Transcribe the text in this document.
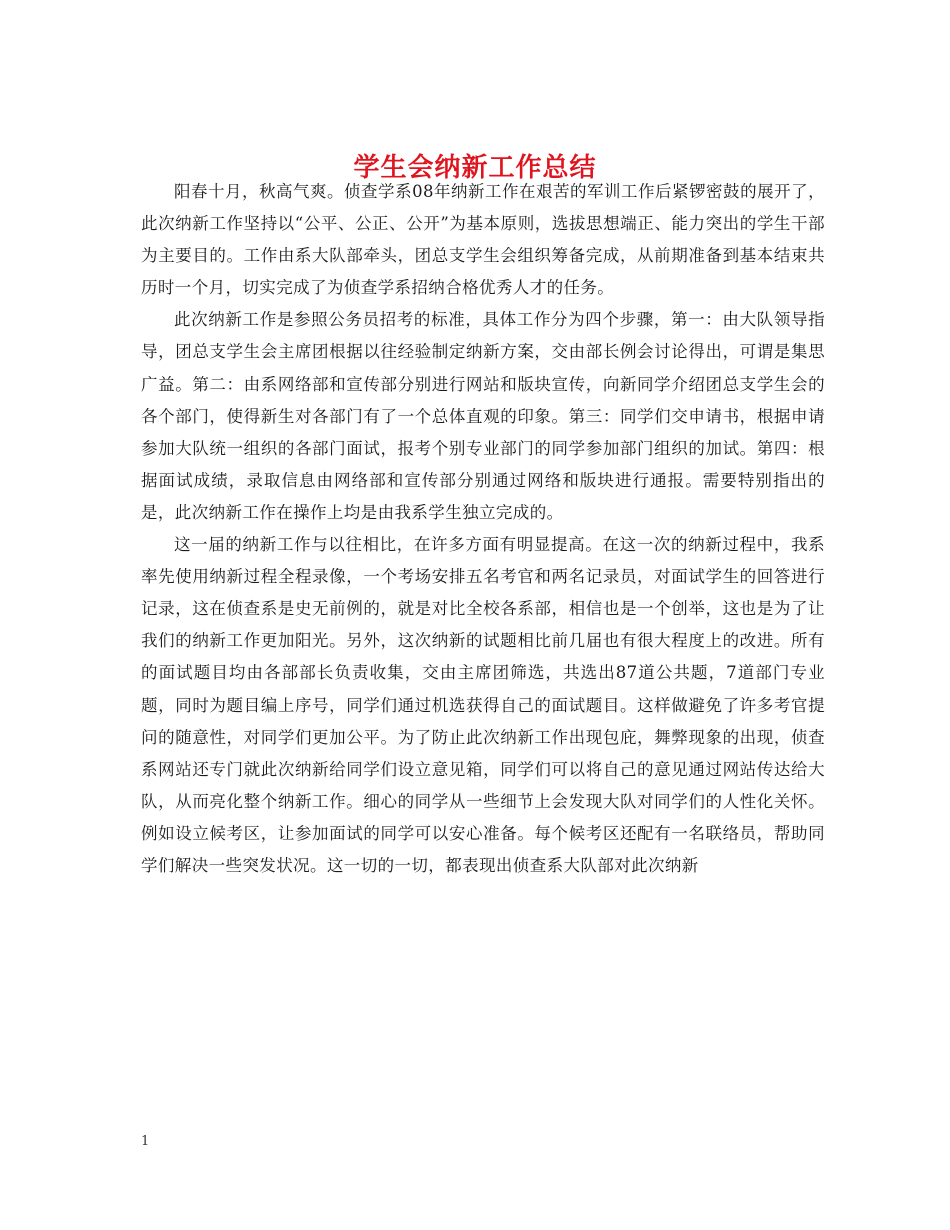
学生会纳新工作总结

阳春十月，秋高气爽。侦查学系08年纳新工作在艰苦的军训工作后紧锣密鼓的展开了，此次纳新工作坚持以“公平、公正、公开”为基本原则，选拔思想端正、能力突出的学生干部为主要目的。工作由系大队部牵头，团总支学生会组织筹备完成，从前期准备到基本结束共历时一个月，切实完成了为侦查学系招纳合格优秀人才的任务。

此次纳新工作是参照公务员招考的标准，具体工作分为四个步骤，第一：由大队领导指导，团总支学生会主席团根据以往经验制定纳新方案，交由部长例会讨论得出，可谓是集思广益。第二：由系网络部和宣传部分别进行网站和版块宣传，向新同学介绍团总支学生会的各个部门，使得新生对各部门有了一个总体直观的印象。第三：同学们交申请书，根据申请参加大队统一组织的各部门面试，报考个别专业部门的同学参加部门组织的加试。第四：根据面试成绩，录取信息由网络部和宣传部分别通过网络和版块进行通报。需要特别指出的是，此次纳新工作在操作上均是由我系学生独立完成的。

这一届的纳新工作与以往相比，在许多方面有明显提高。在这一次的纳新过程中，我系率先使用纳新过程全程录像，一个考场安排五名考官和两名记录员，对面试学生的回答进行记录，这在侦查系是史无前例的，就是对比全校各系部，相信也是一个创举，这也是为了让我们的纳新工作更加阳光。另外，这次纳新的试题相比前几届也有很大程度上的改进。所有的面试题目均由各部部长负责收集，交由主席团筛选，共选出87道公共题，7道部门专业题，同时为题目编上序号，同学们通过机选获得自己的面试题目。这样做避免了许多考官提问的随意性，对同学们更加公平。为了防止此次纳新工作出现包庇，舞弊现象的出现，侦查系网站还专门就此次纳新给同学们设立意见箱，同学们可以将自己的意见通过网站传达给大队，从而亮化整个纳新工作。细心的同学从一些细节上会发现大队对同学们的人性化关怀。例如设立候考区，让参加面试的同学可以安心准备。每个候考区还配有一名联络员，帮助同学们解决一些突发状况。这一切的一切，都表现出侦查系大队部对此次纳新

1
